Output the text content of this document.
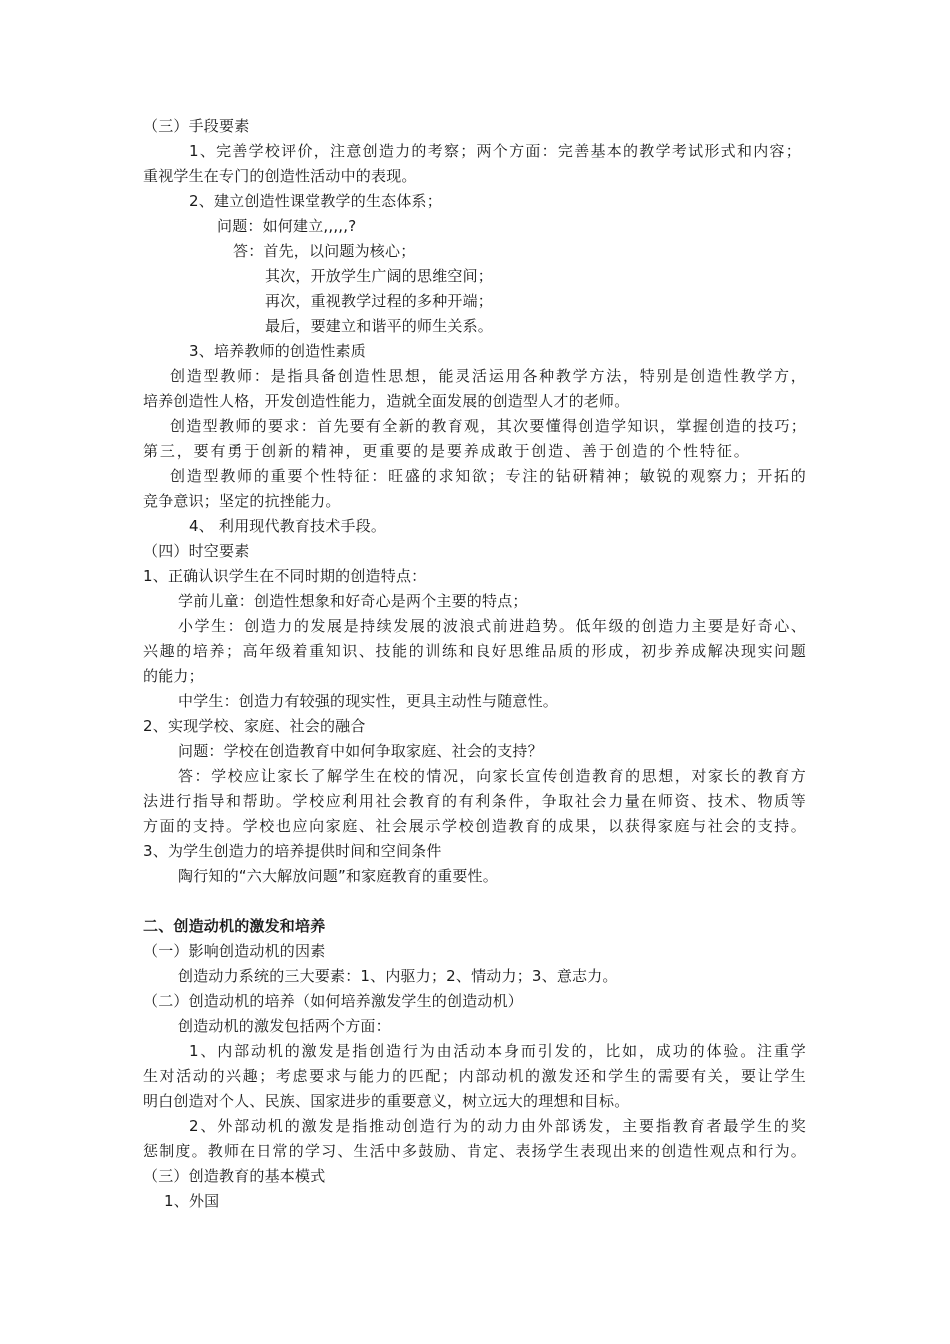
（三）手段要素
1、完善学校评价，注意创造力的考察；两个方面：完善基本的教学考试形式和内容；
重视学生在专门的创造性活动中的表现。
2、建立创造性课堂教学的生态体系；
问题：如何建立,,,,,?
答：首先，以问题为核心；
其次，开放学生广阔的思维空间；
再次，重视教学过程的多种开端；
最后，要建立和谐平的师生关系。
3、培养教师的创造性素质
创造型教师：是指具备创造性思想，能灵活运用各种教学方法，特别是创造性教学方，
培养创造性人格，开发创造性能力，造就全面发展的创造型人才的老师。
创造型教师的要求：首先要有全新的教育观，其次要懂得创造学知识，掌握创造的技巧；
第三，要有勇于创新的精神，更重要的是要养成敢于创造、善于创造的个性特征。
创造型教师的重要个性特征：旺盛的求知欲；专注的钻研精神；敏锐的观察力；开拓的
竞争意识；坚定的抗挫能力。
4、 利用现代教育技术手段。
（四）时空要素
1、正确认识学生在不同时期的创造特点：
学前儿童：创造性想象和好奇心是两个主要的特点；
小学生：创造力的发展是持续发展的波浪式前进趋势。低年级的创造力主要是好奇心、
兴趣的培养；高年级着重知识、技能的训练和良好思维品质的形成，初步养成解决现实问题
的能力；
中学生：创造力有较强的现实性，更具主动性与随意性。
2、实现学校、家庭、社会的融合
问题：学校在创造教育中如何争取家庭、社会的支持？
答：学校应让家长了解学生在校的情况，向家长宣传创造教育的思想，对家长的教育方
法进行指导和帮助。学校应利用社会教育的有利条件，争取社会力量在师资、技术、物质等
方面的支持。学校也应向家庭、社会展示学校创造教育的成果，以获得家庭与社会的支持。
3、为学生创造力的培养提供时间和空间条件
陶行知的“六大解放问题”和家庭教育的重要性。
二、创造动机的激发和培养
（一）影响创造动机的因素
创造动力系统的三大要素：1、内驱力；2、情动力；3、意志力。
（二）创造动机的培养（如何培养激发学生的创造动机）
创造动机的激发包括两个方面：
1、内部动机的激发是指创造行为由活动本身而引发的，比如，成功的体验。注重学
生对活动的兴趣；考虑要求与能力的匹配；内部动机的激发还和学生的需要有关，要让学生
明白创造对个人、民族、国家进步的重要意义，树立远大的理想和目标。
2、外部动机的激发是指推动创造行为的动力由外部诱发，主要指教育者最学生的奖
惩制度。教师在日常的学习、生活中多鼓励、肯定、表扬学生表现出来的创造性观点和行为。
（三）创造教育的基本模式
1、外国
